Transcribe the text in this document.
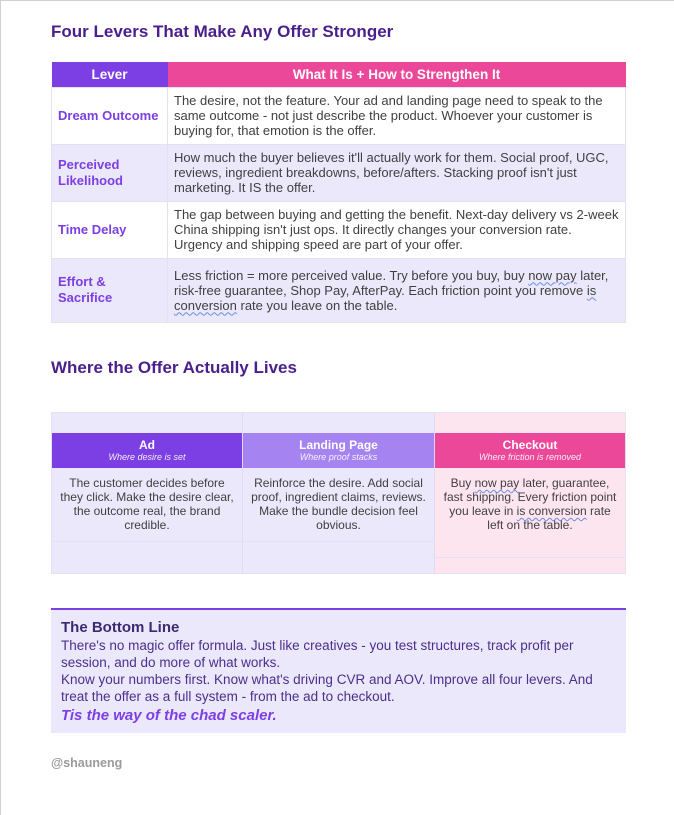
Four Levers That Make Any Offer Stronger
Lever	What It Is + How to Strengthen It
Dream Outcome	The desire, not the feature. Your ad and landing page need to speak to the same outcome - not just describe the product. Whoever your customer is buying for, that emotion is the offer.
Perceived Likelihood	How much the buyer believes it'll actually work for them. Social proof, UGC, reviews, ingredient breakdowns, before/afters. Stacking proof isn't just marketing. It IS the offer.
Time Delay	The gap between buying and getting the benefit. Next-day delivery vs 2-week China shipping isn't just ops. It directly changes your conversion rate. Urgency and shipping speed are part of your offer.
Effort & Sacrifice	Less friction = more perceived value. Try before you buy, buy now pay later, risk-free guarantee, Shop Pay, AfterPay. Each friction point you remove is conversion rate you leave on the table.
Where the Offer Actually Lives
Ad
Where desire is set
The customer decides before they click. Make the desire clear, the outcome real, the brand credible.
Landing Page
Where proof stacks
Reinforce the desire. Add social proof, ingredient claims, reviews. Make the bundle decision feel obvious.
Checkout
Where friction is removed
Buy now pay later, guarantee, fast shipping. Every friction point you leave in is conversion rate left on the table.
The Bottom Line
There's no magic offer formula. Just like creatives - you test structures, track profit per session, and do more of what works.
Know your numbers first. Know what's driving CVR and AOV. Improve all four levers. And treat the offer as a full system - from the ad to checkout.
Tis the way of the chad scaler.
@shauneng
